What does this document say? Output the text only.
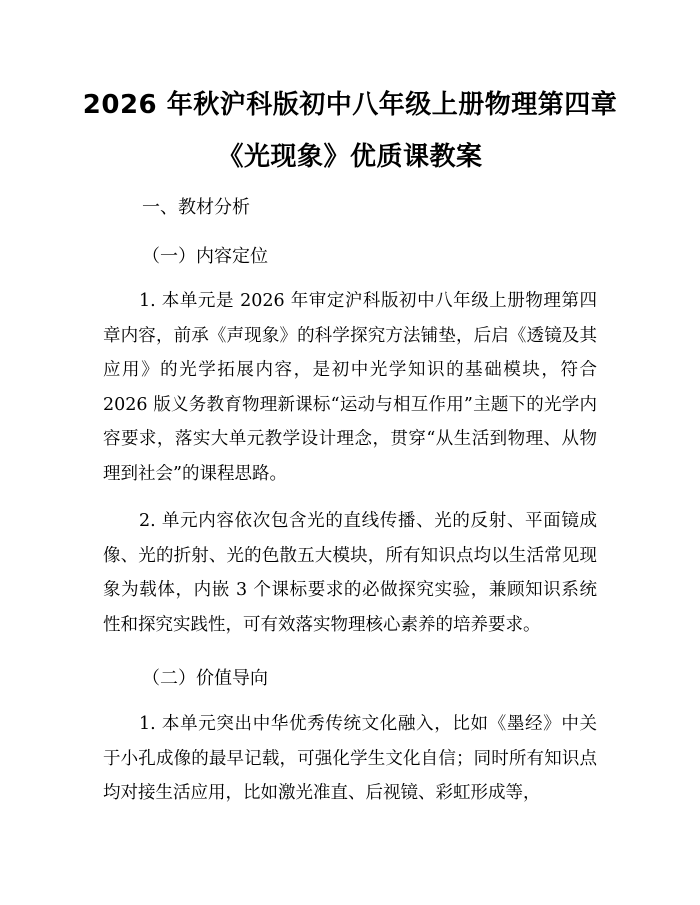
2026 年秋沪科版初中八年级上册物理第四章
《光现象》优质课教案
一、教材分析
（一）内容定位
1. 本单元是 2026 年审定沪科版初中八年级上册物理第四章内容，前承《声现象》的科学探究方法铺垫，后启《透镜及其应用》的光学拓展内容，是初中光学知识的基础模块，符合 2026 版义务教育物理新课标“运动与相互作用”主题下的光学内容要求，落实大单元教学设计理念，贯穿“从生活到物理、从物理到社会”的课程思路。
2. 单元内容依次包含光的直线传播、光的反射、平面镜成像、光的折射、光的色散五大模块，所有知识点均以生活常见现象为载体，内嵌 3 个课标要求的必做探究实验，兼顾知识系统性和探究实践性，可有效落实物理核心素养的培养要求。
（二）价值导向
1. 本单元突出中华优秀传统文化融入，比如《墨经》中关于小孔成像的最早记载，可强化学生文化自信；同时所有知识点均对接生活应用，比如激光准直、后视镜、彩虹形成等，
